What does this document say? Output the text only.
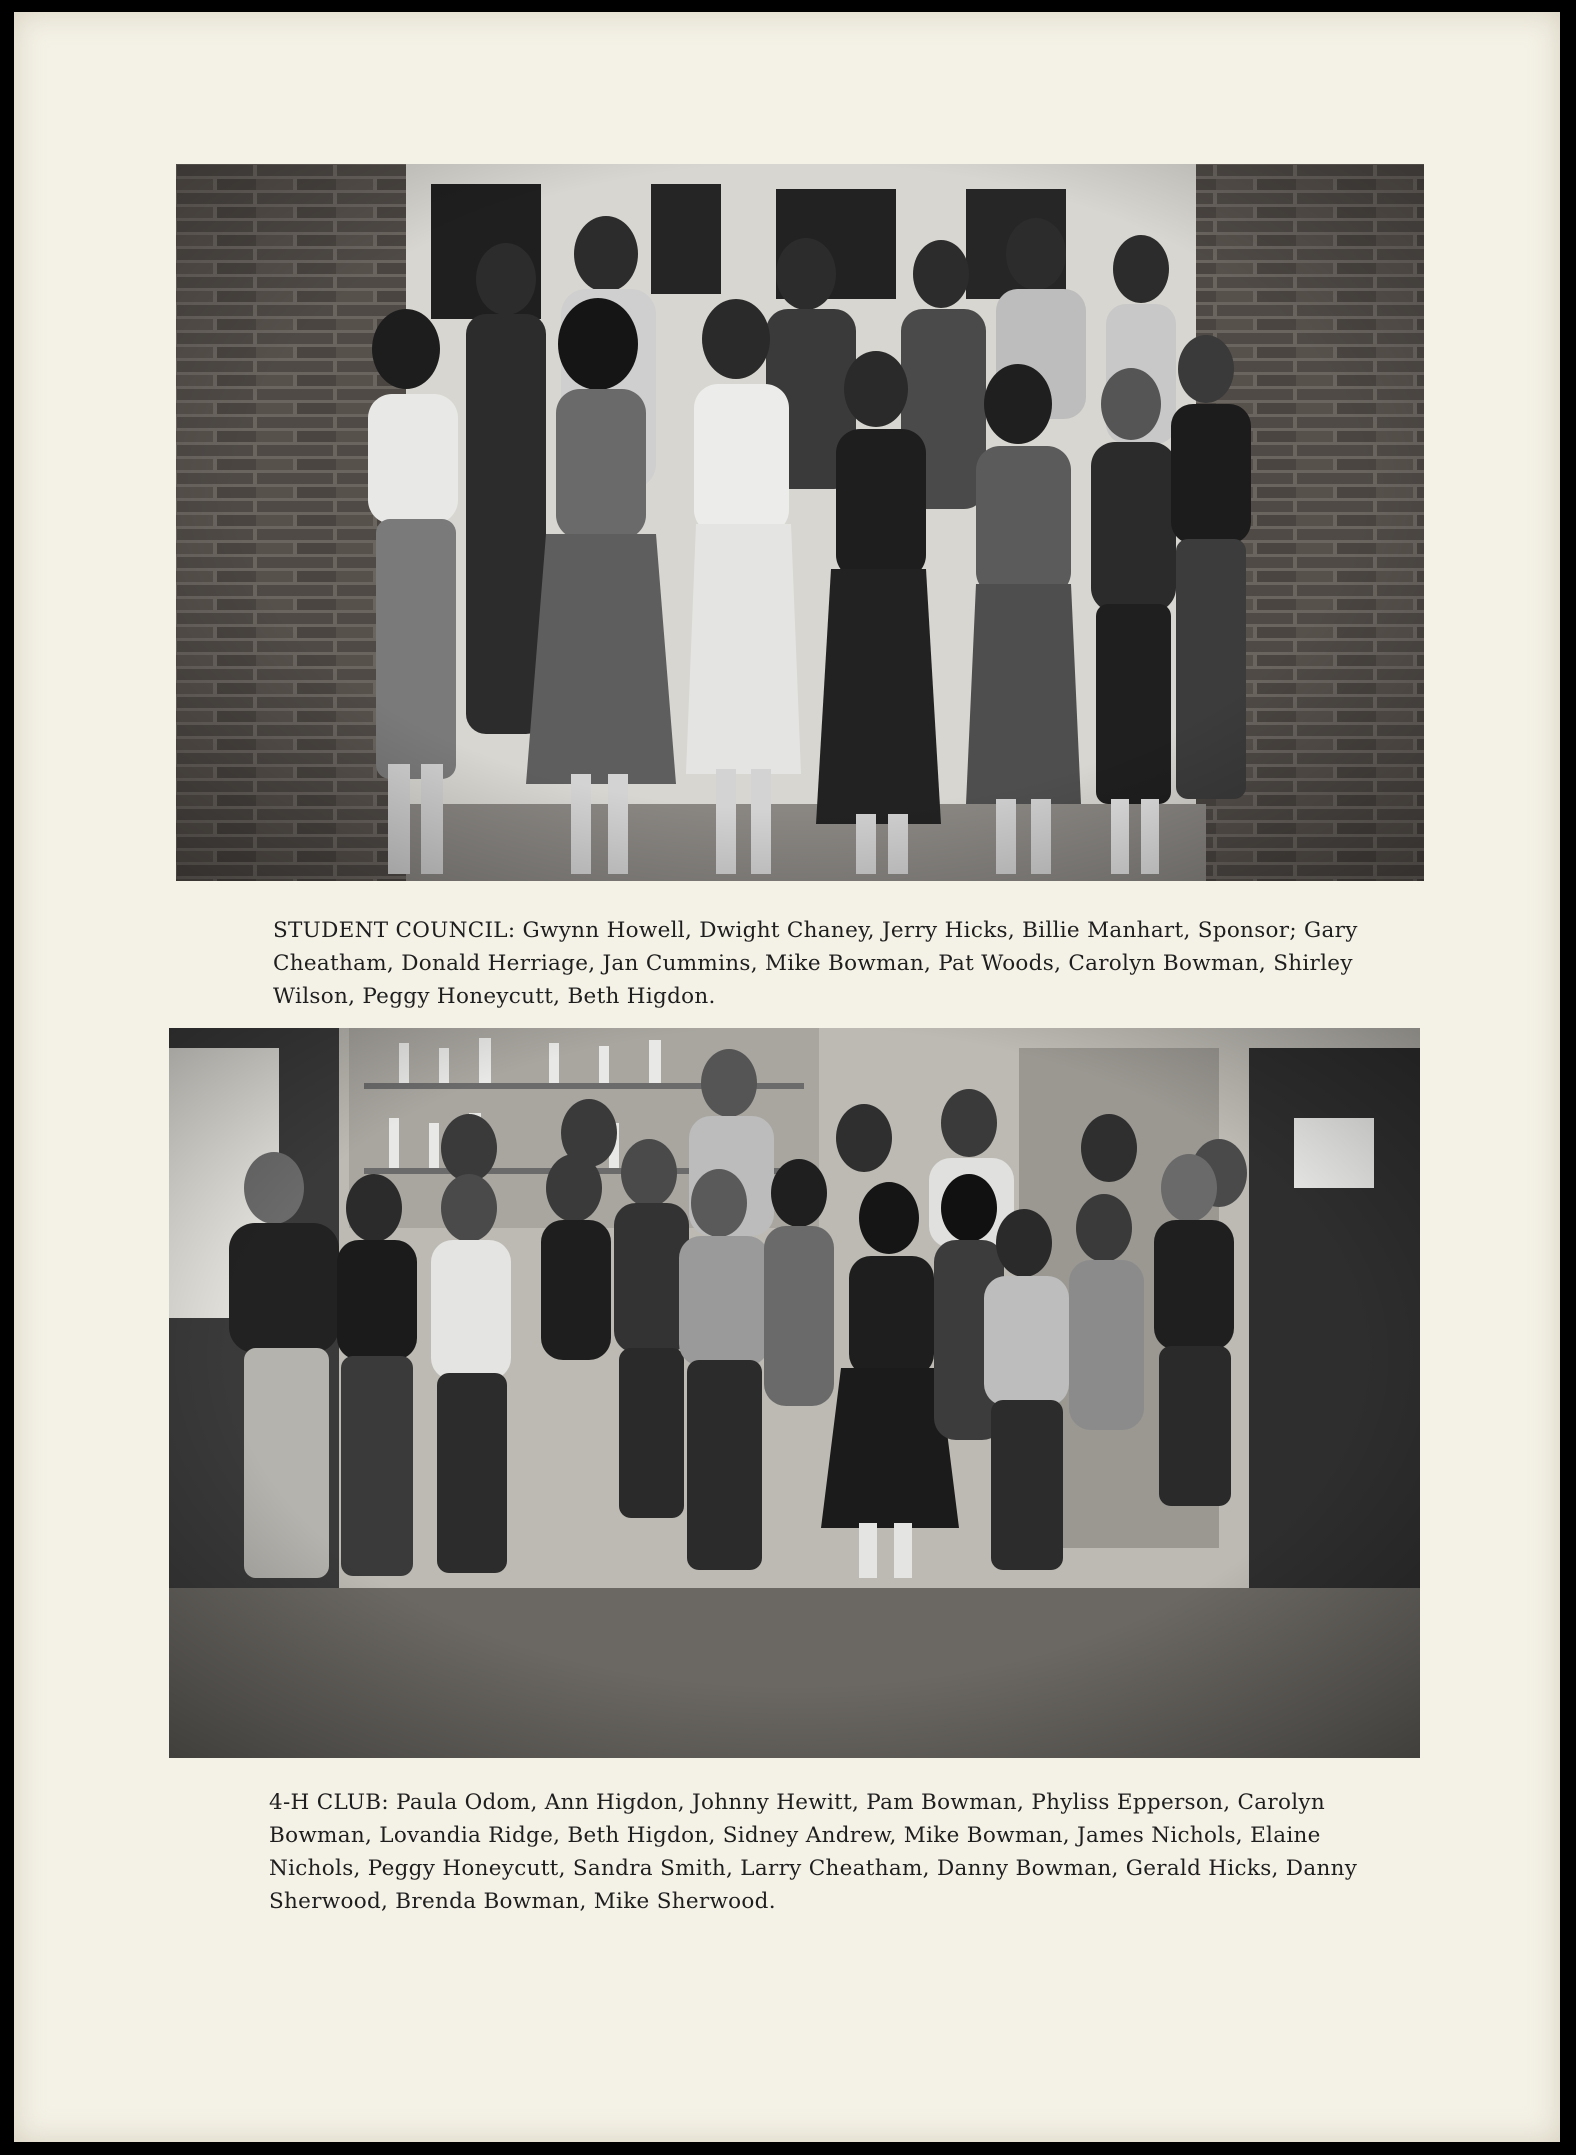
STUDENT COUNCIL: Gwynn Howell, Dwight Chaney, Jerry Hicks, Billie Manhart, Sponsor; Gary Cheatham, Donald Herriage, Jan Cummins, Mike Bowman, Pat Woods, Carolyn Bowman, Shirley Wilson, Peggy Honeycutt, Beth Higdon.

4-H CLUB: Paula Odom, Ann Higdon, Johnny Hewitt, Pam Bowman, Phyliss Epperson, Carolyn Bowman, Lovandia Ridge, Beth Higdon, Sidney Andrew, Mike Bowman, James Nichols, Elaine Nichols, Peggy Honeycutt, Sandra Smith, Larry Cheatham, Danny Bowman, Gerald Hicks, Danny Sherwood, Brenda Bowman, Mike Sherwood.
